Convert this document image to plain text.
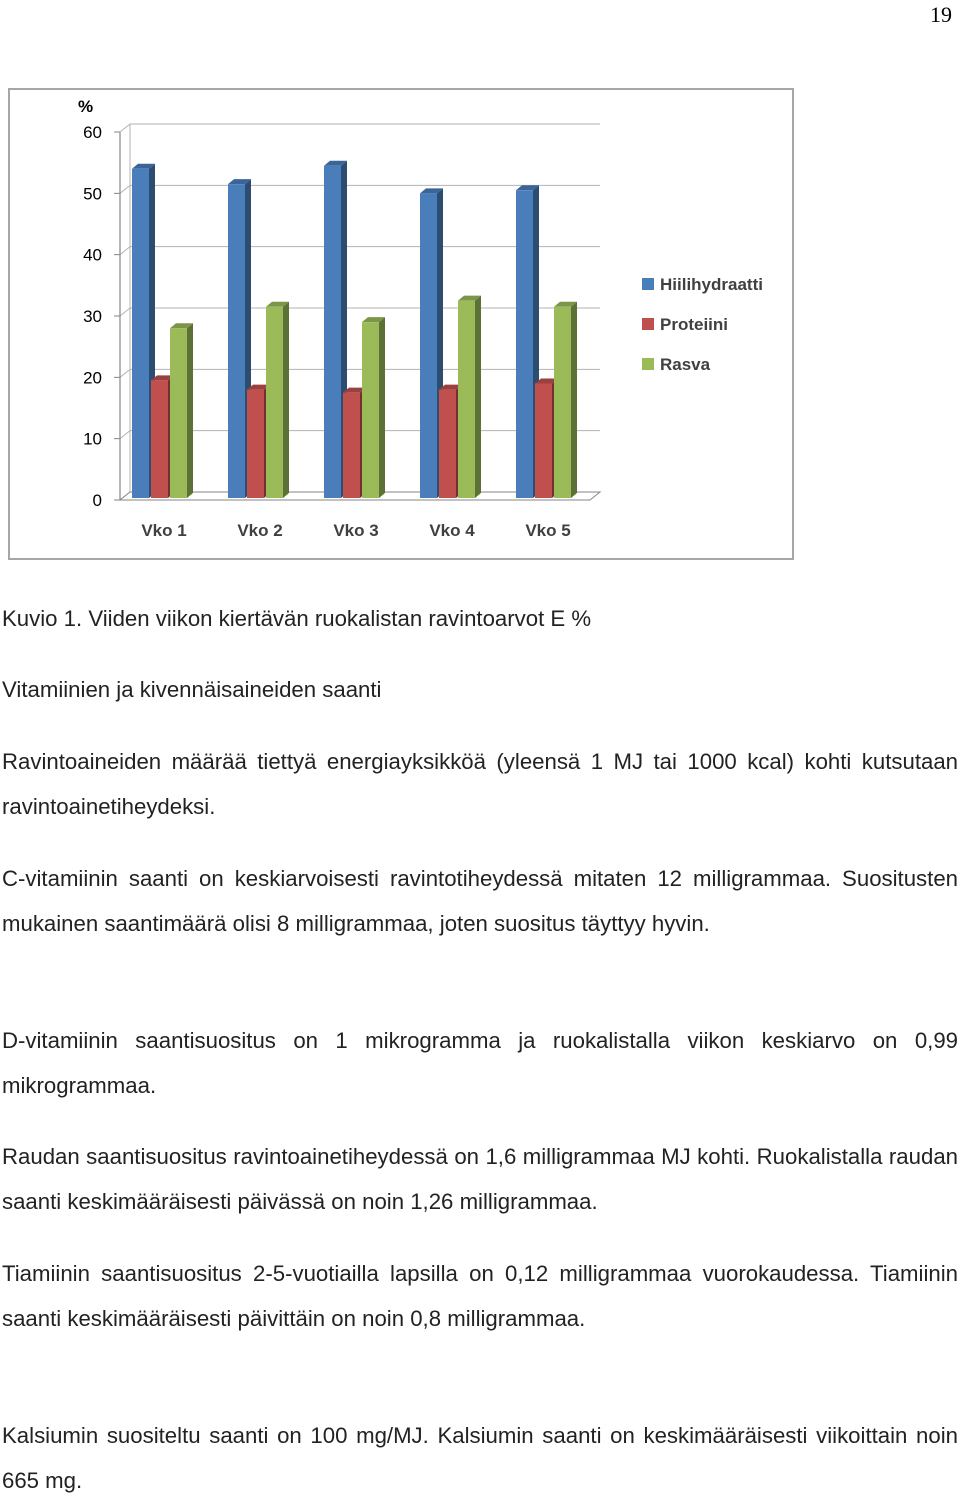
19
0
10
20
30
40
50
60
%
Vko 1	Vko 2	Vko 3	Vko 4	Vko 5
Hiilihydraatti
Proteiini
Rasva

Kuvio 1. Viiden viikon kiertävän ruokalistan ravintoarvot E %

Vitamiinien ja kivennäisaineiden saanti

Ravintoaineiden määrää tiettyä energiayksikköä (yleensä 1 MJ tai 1000 kcal) kohti kutsutaan ravintoainetiheydeksi.

C-vitamiinin saanti on keskiarvoisesti ravintotiheydessä mitaten 12 milligrammaa. Suositusten mukainen saantimäärä olisi 8 milligrammaa, joten suositus täyttyy hyvin.

D-vitamiinin saantisuositus on 1 mikrogramma ja ruokalistalla viikon keskiarvo on 0,99 mikrogrammaa.

Raudan saantisuositus ravintoainetiheydessä on 1,6 milligrammaa MJ kohti. Ruokalistalla raudan saanti keskimääräisesti päivässä on noin 1,26 milligrammaa.

Tiamiinin saantisuositus 2-5-vuotiailla lapsilla on 0,12 milligrammaa vuorokaudessa. Tiamiinin saanti keskimääräisesti päivittäin on noin 0,8 milligrammaa.

Kalsiumin suositeltu saanti on 100 mg/MJ. Kalsiumin saanti on keskimääräisesti viikoittain noin 665 mg.
